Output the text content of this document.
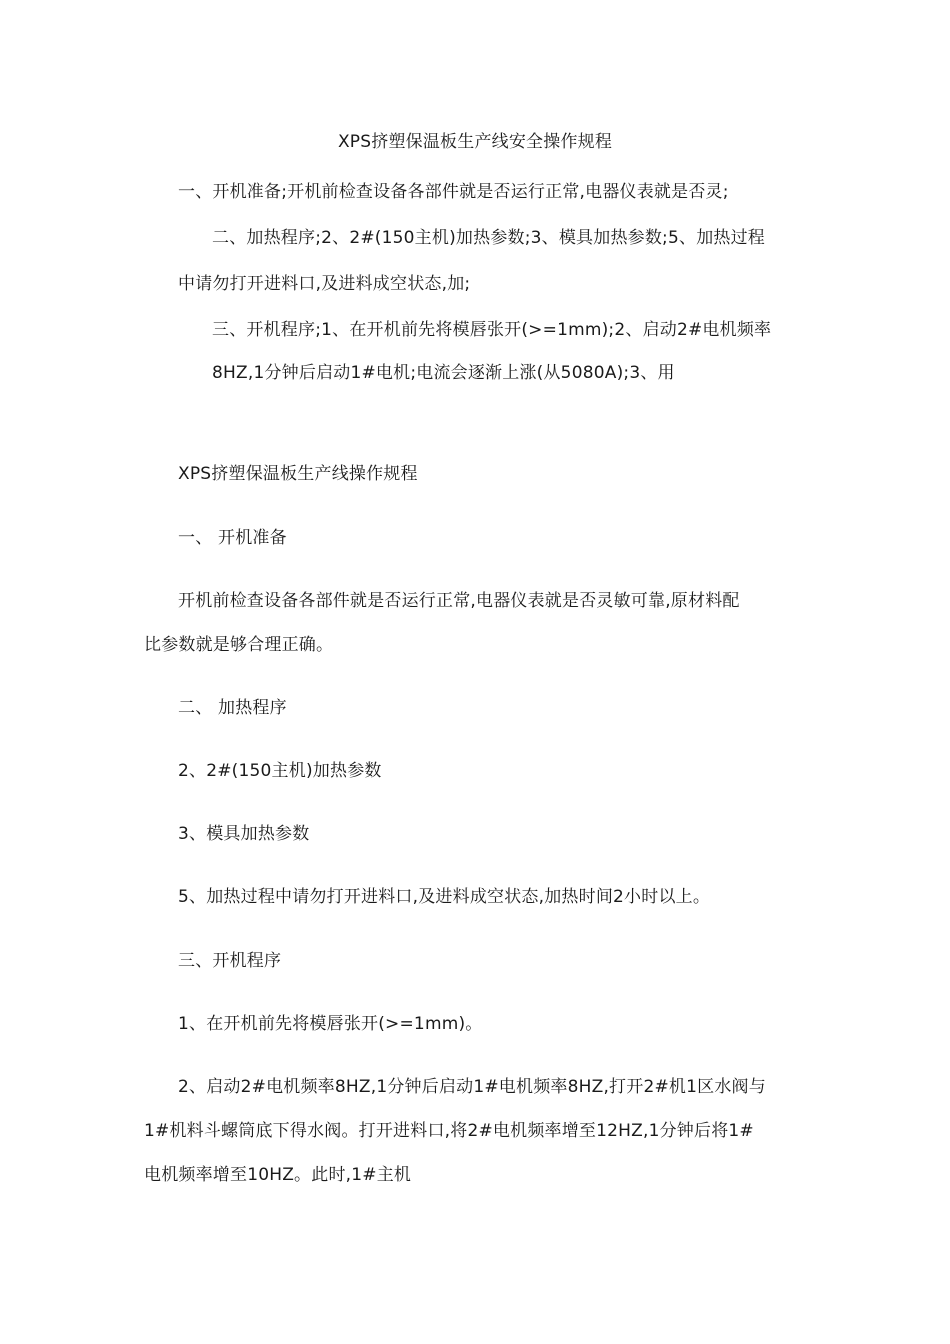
XPS挤塑保温板生产线安全操作规程

一、开机准备;开机前检查设备各部件就是否运行正常,电器仪表就是否灵;

二、加热程序;2、2#(150主机)加热参数;3、模具加热参数;5、加热过程

中请勿打开进料口,及进料成空状态,加;

三、开机程序;1、在开机前先将模唇张开(>=1mm);2、启动2#电机频率

8HZ,1分钟后启动1#电机;电流会逐渐上涨(从5080A);3、用

XPS挤塑保温板生产线操作规程

一、 开机准备

开机前检查设备各部件就是否运行正常,电器仪表就是否灵敏可靠,原材料配

比参数就是够合理正确。

二、 加热程序

2、2#(150主机)加热参数

3、模具加热参数

5、加热过程中请勿打开进料口,及进料成空状态,加热时间2小时以上。

三、开机程序

1、在开机前先将模唇张开(>=1mm)。

2、启动2#电机频率8HZ,1分钟后启动1#电机频率8HZ,打开2#机1区水阀与

1#机料斗螺筒底下得水阀。打开进料口,将2#电机频率增至12HZ,1分钟后将1#

电机频率增至10HZ。此时,1#主机
